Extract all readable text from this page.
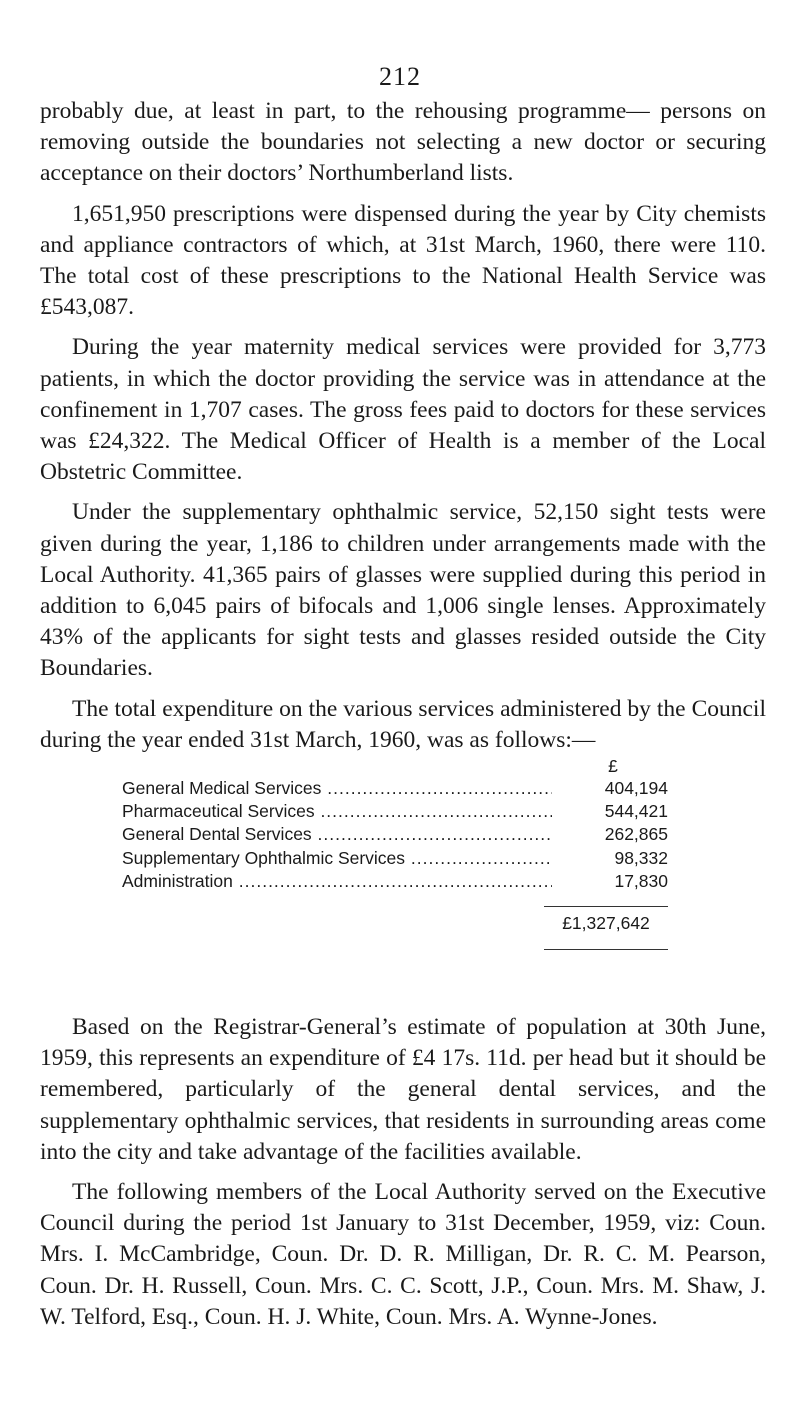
212

probably due, at least in part, to the rehousing programme— persons on removing outside the boundaries not selecting a new doctor or securing acceptance on their doctors’ Northumberland lists.

1,651,950 prescriptions were dispensed during the year by City chemists and appliance contractors of which, at 31st March, 1960, there were 110. The total cost of these prescriptions to the National Health Service was £543,087.

During the year maternity medical services were provided for 3,773 patients, in which the doctor providing the service was in attendance at the confinement in 1,707 cases. The gross fees paid to doctors for these services was £24,322. The Medical Officer of Health is a member of the Local Obstetric Committee.

Under the supplementary ophthalmic service, 52,150 sight tests were given during the year, 1,186 to children under arrangements made with the Local Authority. 41,365 pairs of glasses were supplied during this period in addition to 6,045 pairs of bifocals and 1,006 single lenses. Approximately 43% of the applicants for sight tests and glasses resided outside the City Boundaries.

The total expenditure on the various services administered by the Council during the year ended 31st March, 1960, was as follows:—

£
General Medical Services .....	404,194
Pharmaceutical Services .....	544,421
General Dental Services .....	262,865
Supplementary Ophthalmic Services .....	98,332
Administration .....	17,830
£1,327,642

Based on the Registrar-General’s estimate of population at 30th June, 1959, this represents an expenditure of £4 17s. 11d. per head but it should be remembered, particularly of the general dental services, and the supplementary ophthalmic services, that residents in surrounding areas come into the city and take advantage of the facilities available.

The following members of the Local Authority served on the Executive Council during the period 1st January to 31st December, 1959, viz: Coun. Mrs. I. McCambridge, Coun. Dr. D. R. Milligan, Dr. R. C. M. Pearson, Coun. Dr. H. Russell, Coun. Mrs. C. C. Scott, J.P., Coun. Mrs. M. Shaw, J. W. Telford, Esq., Coun. H. J. White, Coun. Mrs. A. Wynne-Jones.
